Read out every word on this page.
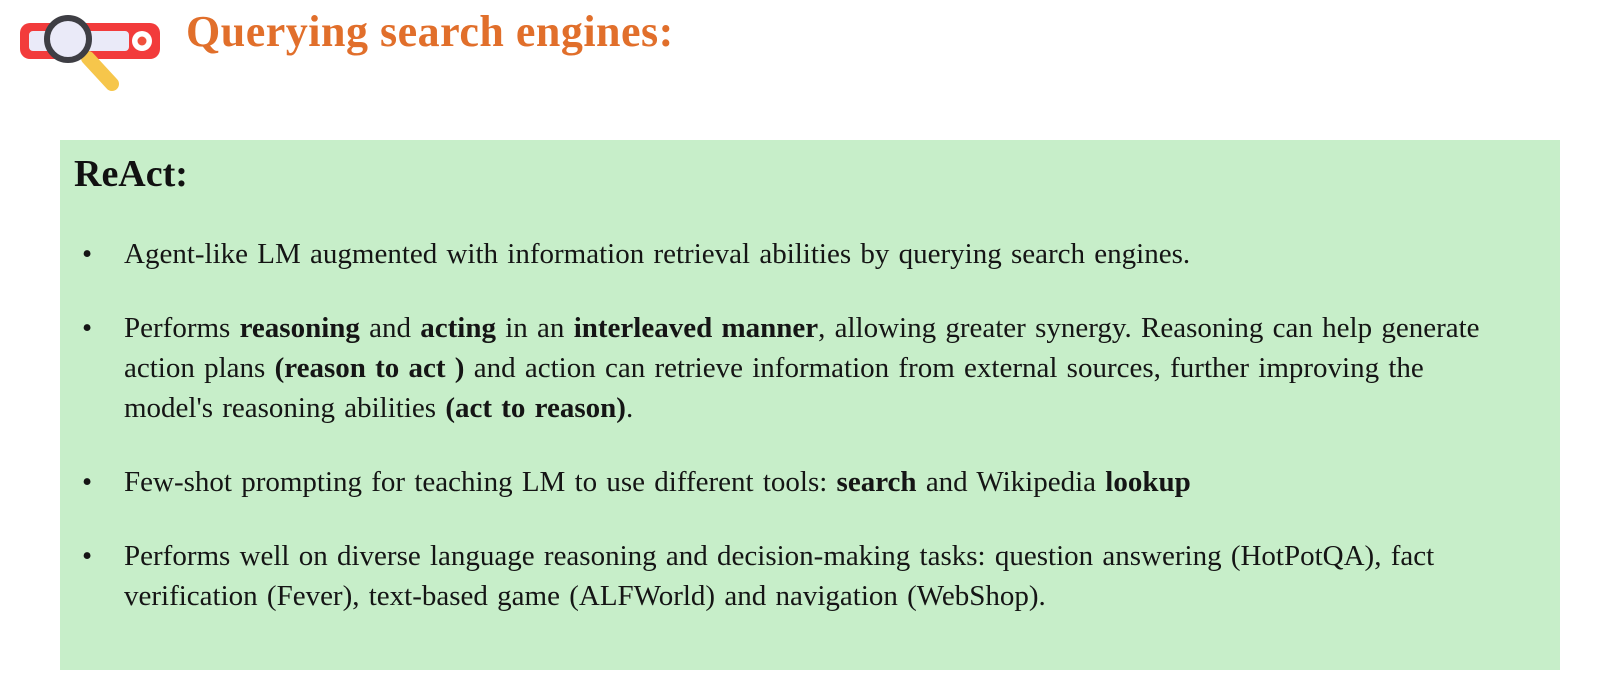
Querying search engines:
ReAct:
• Agent-like LM augmented with information retrieval abilities by querying search engines.
• Performs reasoning and acting in an interleaved manner, allowing greater synergy. Reasoning can help generate action plans (reason to act ) and action can retrieve information from external sources, further improving the model's reasoning abilities (act to reason).
• Few-shot prompting for teaching LM to use different tools: search and Wikipedia lookup
• Performs well on diverse language reasoning and decision-making tasks: question answering (HotPotQA), fact verification (Fever), text-based game (ALFWorld) and navigation (WebShop).
